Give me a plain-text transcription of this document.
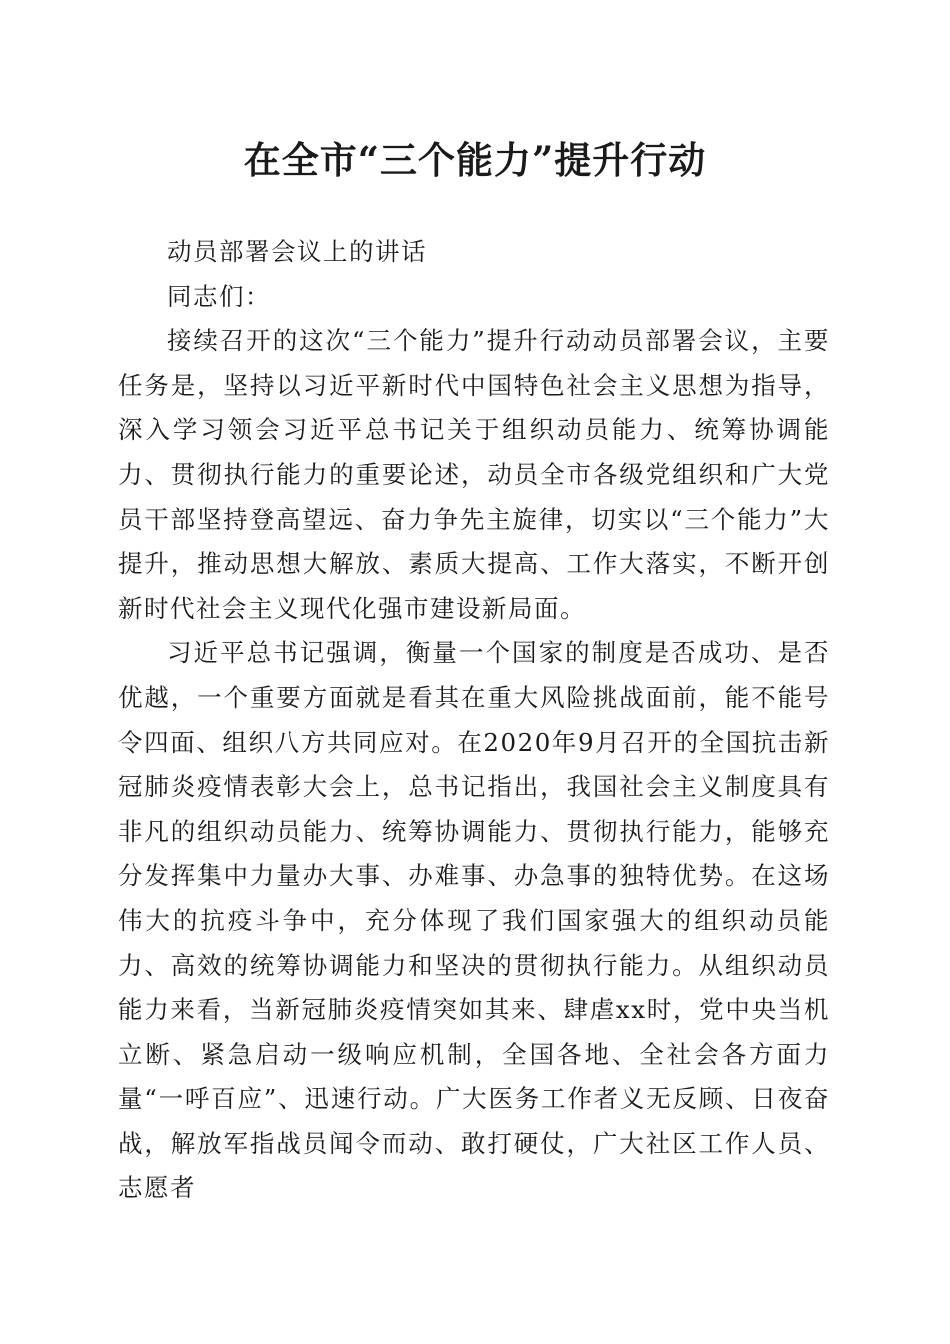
在全市“三个能力”提升行动

动员部署会议上的讲话

同志们：

接续召开的这次“三个能力”提升行动动员部署会议，主要任务是，坚持以习近平新时代中国特色社会主义思想为指导，深入学习领会习近平总书记关于组织动员能力、统筹协调能力、贯彻执行能力的重要论述，动员全市各级党组织和广大党员干部坚持登高望远、奋力争先主旋律，切实以“三个能力”大提升，推动思想大解放、素质大提高、工作大落实，不断开创新时代社会主义现代化强市建设新局面。

习近平总书记强调，衡量一个国家的制度是否成功、是否优越，一个重要方面就是看其在重大风险挑战面前，能不能号令四面、组织八方共同应对。在2020年9月召开的全国抗击新冠肺炎疫情表彰大会上，总书记指出，我国社会主义制度具有非凡的组织动员能力、统筹协调能力、贯彻执行能力，能够充分发挥集中力量办大事、办难事、办急事的独特优势。在这场伟大的抗疫斗争中，充分体现了我们国家强大的组织动员能力、高效的统筹协调能力和坚决的贯彻执行能力。从组织动员能力来看，当新冠肺炎疫情突如其来、肆虐xx时，党中央当机立断、紧急启动一级响应机制，全国各地、全社会各方面力量“一呼百应”、迅速行动。广大医务工作者义无反顾、日夜奋战，解放军指战员闻令而动、敢打硬仗，广大社区工作人员、志愿者
